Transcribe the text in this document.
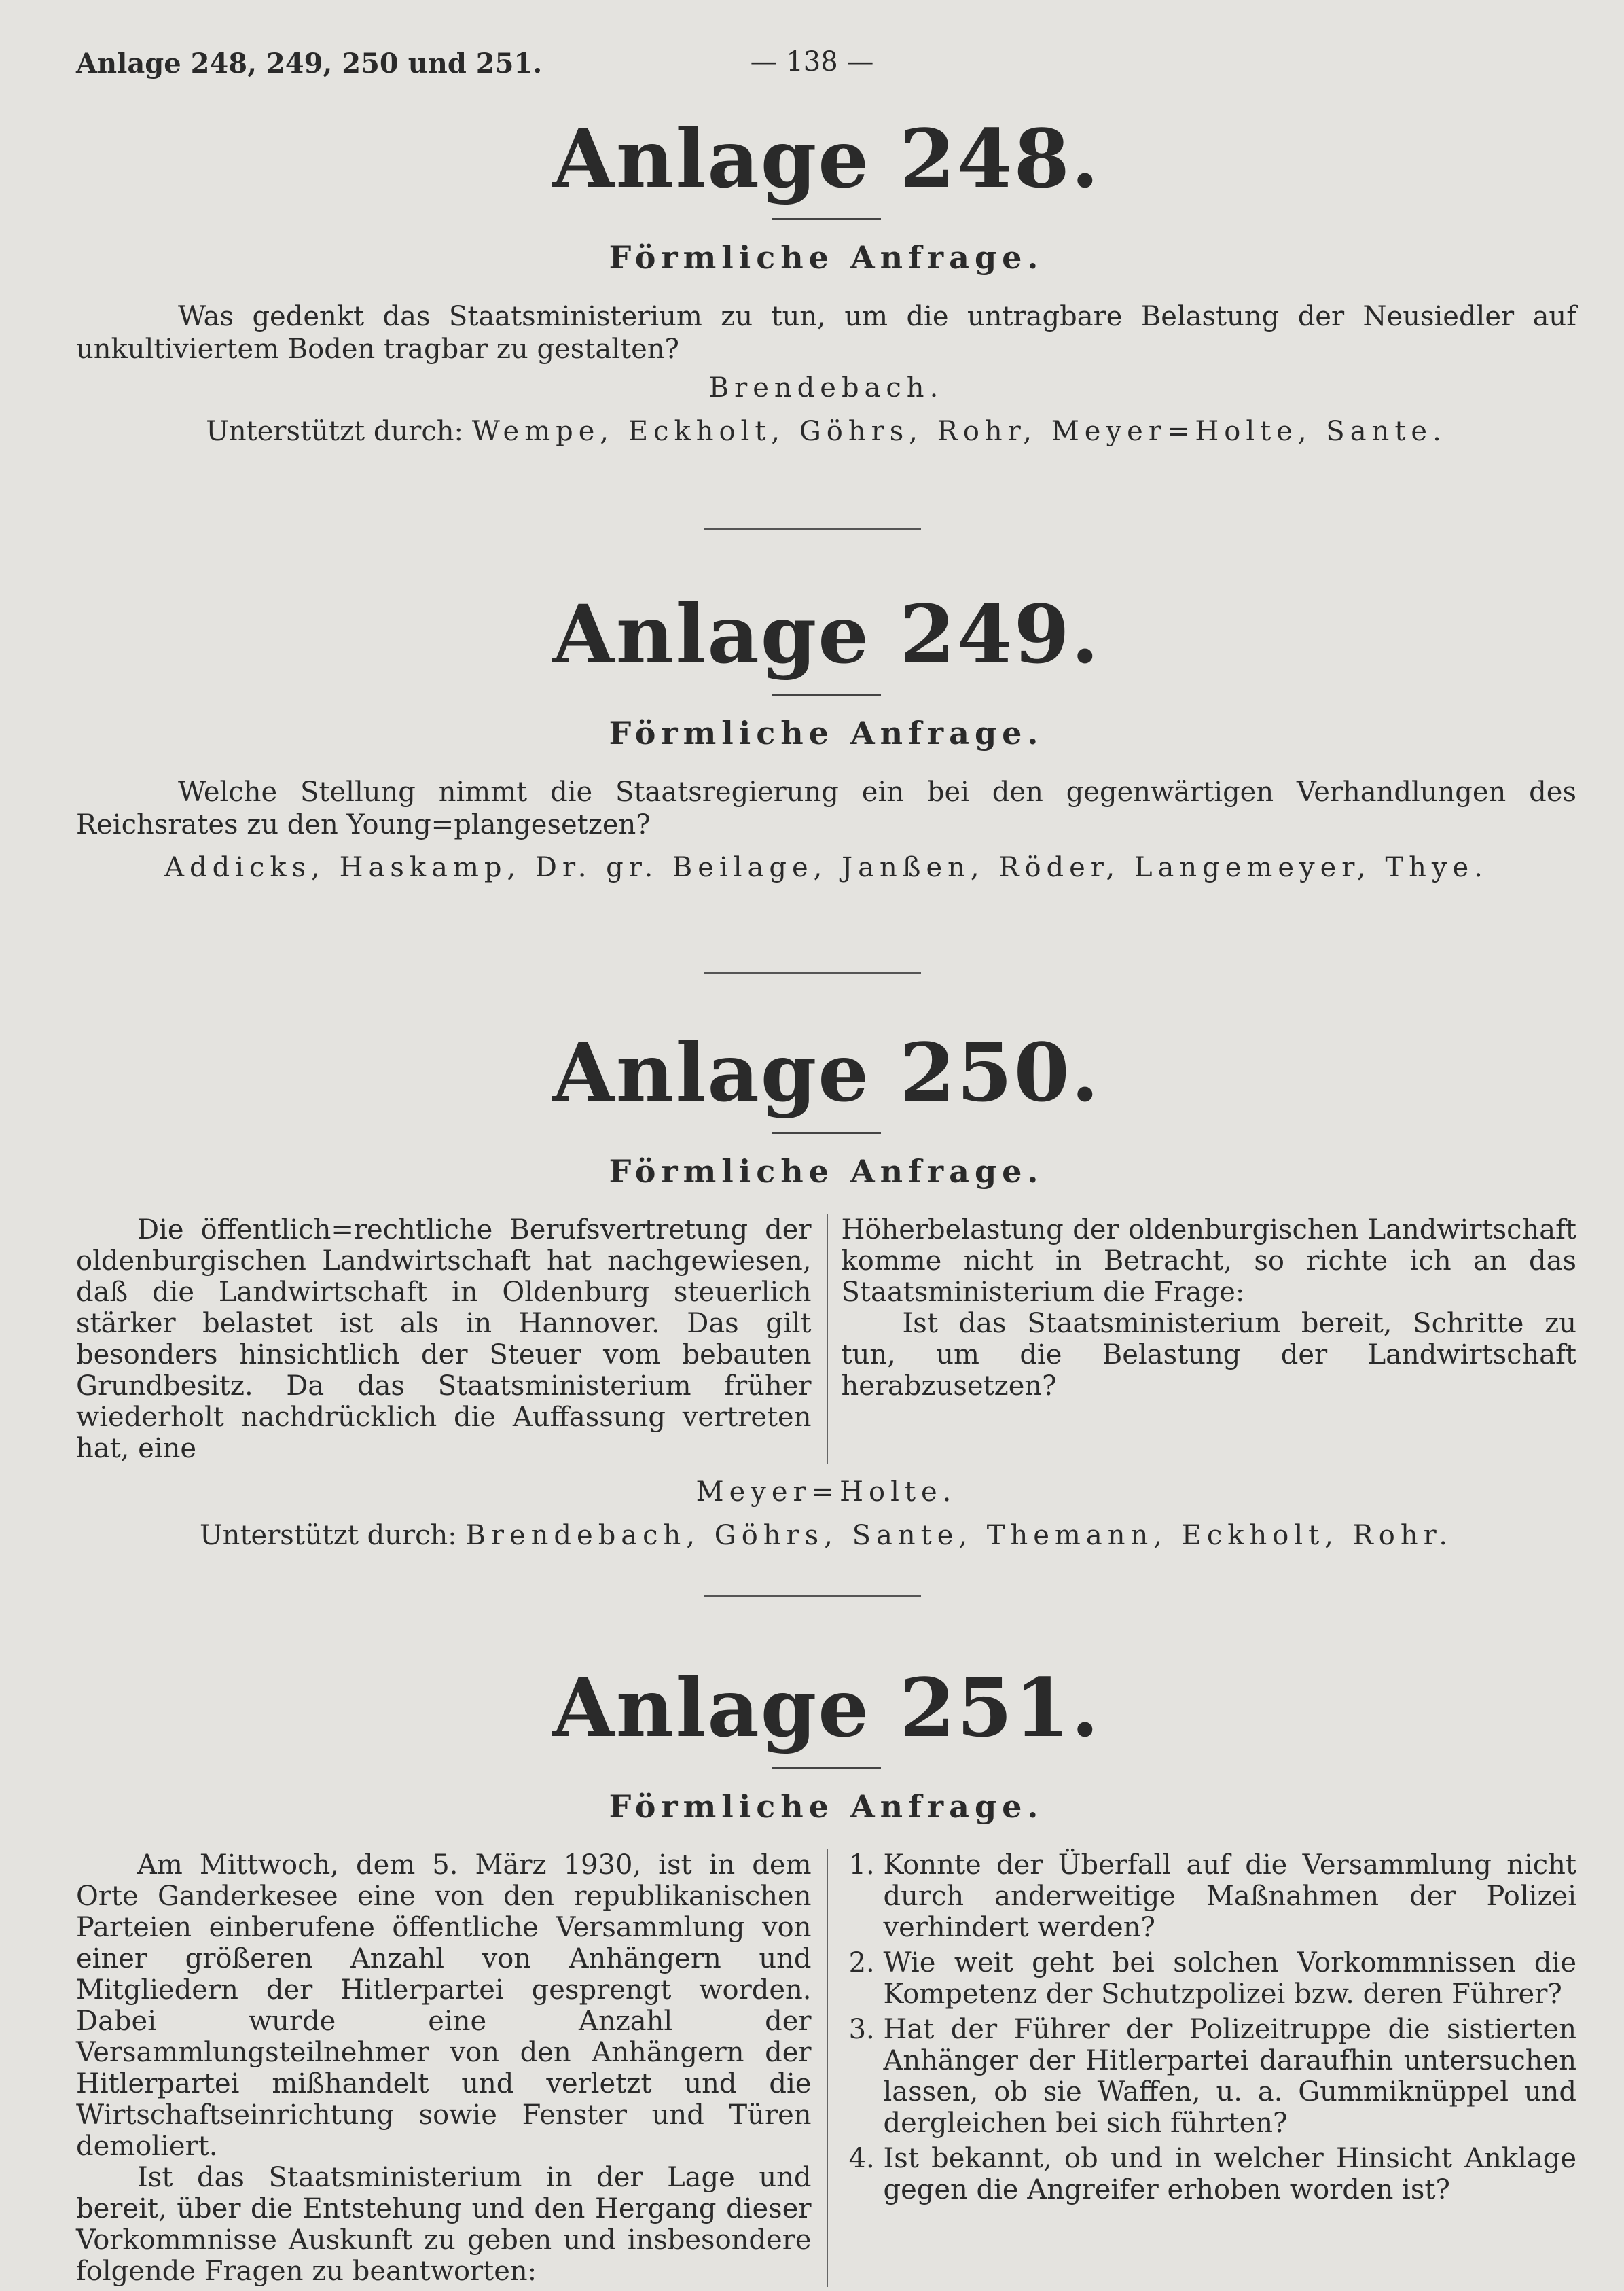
Anlage 248, 249, 250 und 251.	— 138 —
Anlage 248.
Förmliche Anfrage.
Was gedenkt das Staatsministerium zu tun, um die untragbare Belastung der Neusiedler auf unkultiviertem Boden tragbar zu gestalten?
Brendebach.
Unterstützt durch: Wempe, Eckholt, Göhrs, Rohr, Meyer=Holte, Sante.
Anlage 249.
Förmliche Anfrage.
Welche Stellung nimmt die Staatsregierung ein bei den gegenwärtigen Verhandlungen des Reichsrates zu den Young=plangesetzen?
Addicks, Haskamp, Dr. gr. Beilage, Janßen, Röder, Langemeyer, Thye.
Anlage 250.
Förmliche Anfrage.

Die öffentlich=rechtliche Berufsvertretung der oldenburgischen Landwirtschaft hat nachgewiesen, daß die Landwirtschaft in Oldenburg steuerlich stärker belastet ist als in Hannover. Das gilt besonders hinsichtlich der Steuer vom bebauten Grundbesitz. Da das Staatsministerium früher wiederholt nachdrücklich die Auffassung vertreten hat, eine

Höherbelastung der oldenburgischen Landwirtschaft komme nicht in Betracht, so richte ich an das Staatsministerium die Frage:

Ist das Staatsministerium bereit, Schritte zu tun, um die Belastung der Landwirtschaft herabzusetzen?

Meyer=Holte.
Unterstützt durch: Brendebach, Göhrs, Sante, Themann, Eckholt, Rohr.
Anlage 251.
Förmliche Anfrage.

Am Mittwoch, dem 5. März 1930, ist in dem Orte Ganderkesee eine von den republikanischen Parteien einberufene öffentliche Versammlung von einer größeren Anzahl von Anhängern und Mitgliedern der Hitlerpartei gesprengt worden. Dabei wurde eine Anzahl der Versammlungsteilnehmer von den Anhängern der Hitlerpartei mißhandelt und verletzt und die Wirtschaftseinrichtung sowie Fenster und Türen demoliert.

Ist das Staatsministerium in der Lage und bereit, über die Entstehung und den Hergang dieser Vorkommnisse Auskunft zu geben und insbesondere folgende Fragen zu beantworten:

1. Konnte der Überfall auf die Versammlung nicht durch anderweitige Maßnahmen der Polizei verhindert werden?
2. Wie weit geht bei solchen Vorkommnissen die Kompetenz der Schutzpolizei bzw. deren Führer?
3. Hat der Führer der Polizeitruppe die sistierten Anhänger der Hitlerpartei daraufhin untersuchen lassen, ob sie Waffen, u. a. Gummiknüppel und dergleichen bei sich führten?
4. Ist bekannt, ob und in welcher Hinsicht Anklage gegen die Angreifer erhoben worden ist?
